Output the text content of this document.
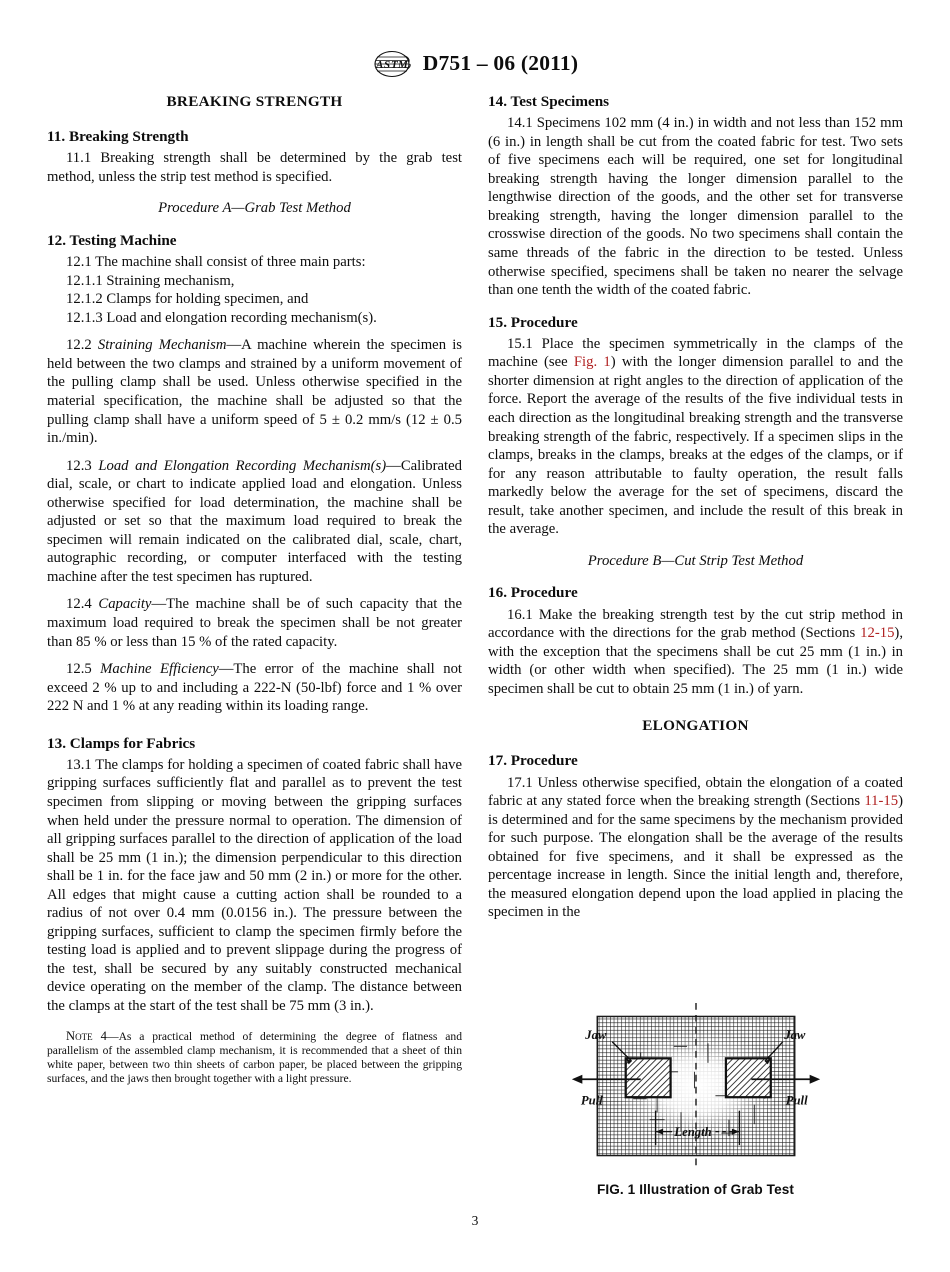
A S T M D751 – 06 (2011)
BREAKING STRENGTH
11. Breaking Strength

11.1 Breaking strength shall be determined by the grab test method, unless the strip test method is specified.

Procedure A—Grab Test Method

12. Testing Machine

12.1 The machine shall consist of three main parts:

12.1.1 Straining mechanism,

12.1.2 Clamps for holding specimen, and

12.1.3 Load and elongation recording mechanism(s).

12.2 Straining Mechanism—A machine wherein the specimen is held between the two clamps and strained by a uniform movement of the pulling clamp shall be used. Unless otherwise specified in the material specification, the machine shall be adjusted so that the pulling clamp shall have a uniform speed of 5 ± 0.2 mm/s (12 ± 0.5 in./min).

12.3 Load and Elongation Recording Mechanism(s)—Calibrated dial, scale, or chart to indicate applied load and elongation. Unless otherwise specified for load determination, the machine shall be adjusted or set so that the maximum load required to break the specimen will remain indicated on the calibrated dial, scale, chart, autographic recording, or computer interfaced with the testing machine after the test specimen has ruptured.

12.4 Capacity—The machine shall be of such capacity that the maximum load required to break the specimen shall be not greater than 85 % or less than 15 % of the rated capacity.

12.5 Machine Efficiency—The error of the machine shall not exceed 2 % up to and including a 222-N (50-lbf) force and 1 % over 222 N and 1 % at any reading within its loading range.

13. Clamps for Fabrics

13.1 The clamps for holding a specimen of coated fabric shall have gripping surfaces sufficiently flat and parallel as to prevent the test specimen from slipping or moving between the gripping surfaces when held under the pressure normal to operation. The dimension of all gripping surfaces parallel to the direction of application of the load shall be 25 mm (1 in.); the dimension perpendicular to this direction shall be 1 in. for the face jaw and 50 mm (2 in.) or more for the other. All edges that might cause a cutting action shall be rounded to a radius of not over 0.4 mm (0.0156 in.). The pressure between the gripping surfaces, sufficient to clamp the specimen firmly before the testing load is applied and to prevent slippage during the progress of the test, shall be secured by any suitably constructed mechanical device operating on the member of the clamp. The distance between the clamps at the start of the test shall be 75 mm (3 in.).

Note 4—As a practical method of determining the degree of flatness and parallelism of the assembled clamp mechanism, it is recommended that a sheet of thin white paper, between two thin sheets of carbon paper, be placed between the gripping surfaces, and the jaws then brought together with a light pressure.

14. Test Specimens

14.1 Specimens 102 mm (4 in.) in width and not less than 152 mm (6 in.) in length shall be cut from the coated fabric for test. Two sets of five specimens each will be required, one set for longitudinal breaking strength having the longer dimension parallel to the lengthwise direction of the goods, and the other set for transverse breaking strength, having the longer dimension parallel to the crosswise direction of the goods. No two specimens shall contain the same threads of the fabric in the direction to be tested. Unless otherwise specified, specimens shall be taken no nearer the selvage than one tenth the width of the coated fabric.

15. Procedure

15.1 Place the specimen symmetrically in the clamps of the machine (see Fig. 1) with the longer dimension parallel to and the shorter dimension at right angles to the direction of application of the force. Report the average of the results of the five individual tests in each direction as the longitudinal breaking strength and the transverse breaking strength of the fabric, respectively. If a specimen slips in the clamps, breaks in the clamps, breaks at the edges of the clamps, or if for any reason attributable to faulty operation, the result falls markedly below the average for the set of specimens, discard the result, take another specimen, and include the result of this break in the average.

Procedure B—Cut Strip Test Method

16. Procedure

16.1 Make the breaking strength test by the cut strip method in accordance with the directions for the grab method (Sections 12-15), with the exception that the specimens shall be cut 25 mm (1 in.) in width (or other width when specified). The 25 mm (1 in.) wide specimen shall be cut to obtain 25 mm (1 in.) of yarn.

ELONGATION
17. Procedure

17.1 Unless otherwise specified, obtain the elongation of a coated fabric at any stated force when the breaking strength (Sections 11-15) is determined and for the same specimens by the mechanism provided for such purpose. The elongation shall be the average of the results obtained for five specimens, and it shall be expressed as the percentage increase in length. Since the initial length and, therefore, the measured elongation depend upon the load applied in placing the specimen in the

Jaw	Jaw
Pull	Pull
Length
FIG. 1 Illustration of Grab Test
3
